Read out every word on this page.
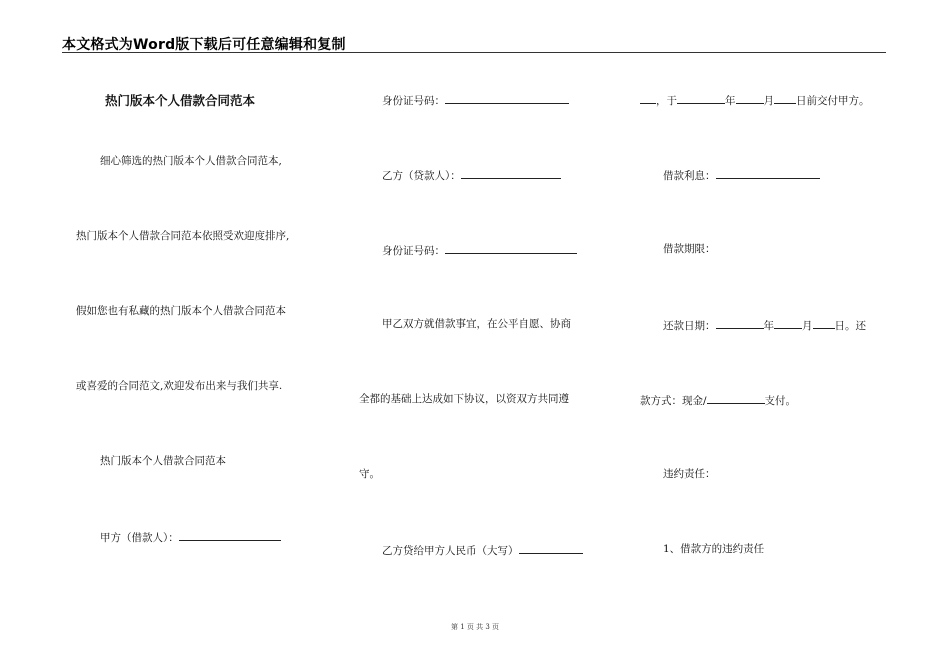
本文格式为Word版下载后可任意编辑和复制
热门版本个人借款合同范本
细心筛选的热门版本个人借款合同范本,
热门版本个人借款合同范本依照受欢迎度排序,
假如您也有私藏的热门版本个人借款合同范本
或喜爱的合同范文,欢迎发布出来与我们共享.
热门版本个人借款合同范本
甲方（借款人）：
身份证号码：
乙方（贷款人）：
身份证号码：
甲乙双方就借款事宜，在公平自愿、协商
全都的基础上达成如下协议，以资双方共同遵
守。
乙方贷给甲方人民币（大写）
，于	年	月 日前交付甲方。
借款利息：
借款期限：
还款日期：	年	月 日。还
款方式：现金/	支付。
违约责任：
1、借款方的违约责任
第 1 页 共 3 页
